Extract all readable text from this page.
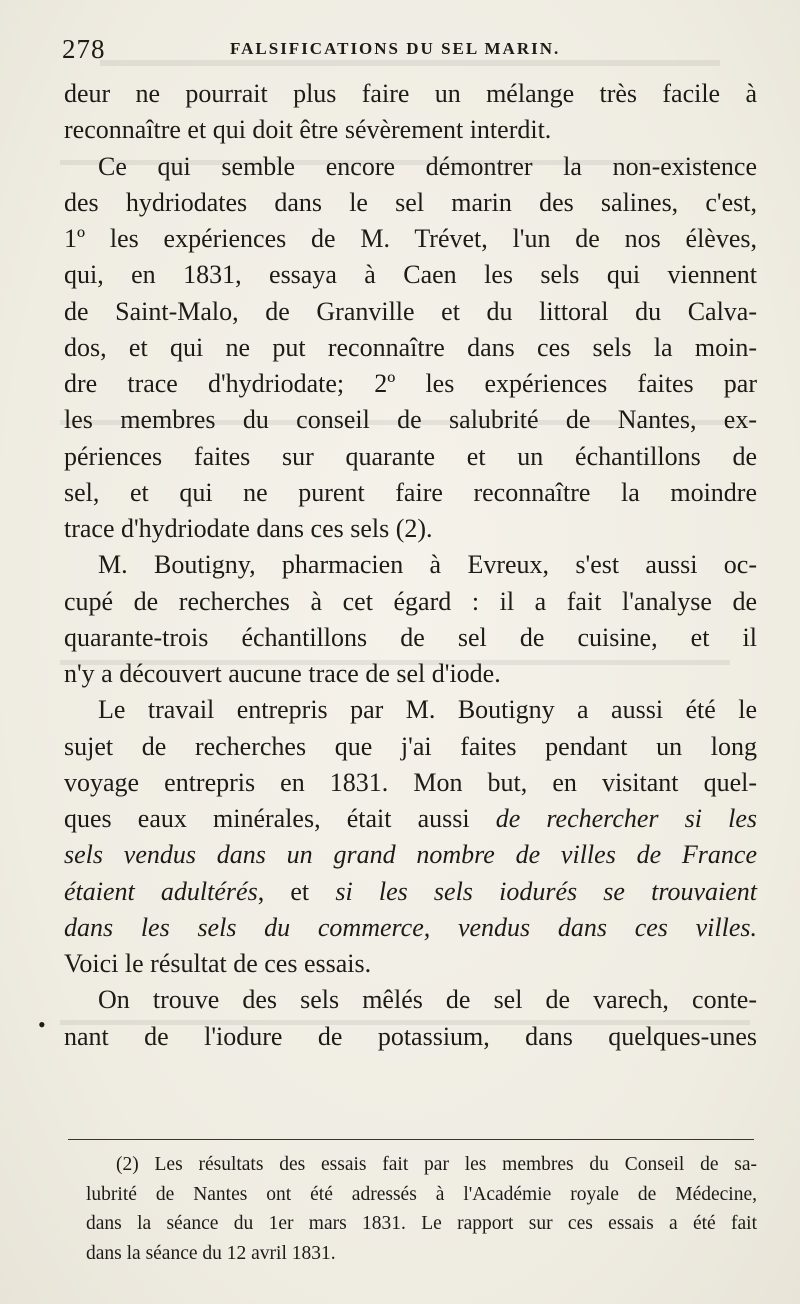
278	FALSIFICATIONS DU SEL MARIN.
deur ne pourrait plus faire un mélange très facile à
reconnaître et qui doit être sévèrement interdit.
Ce qui semble encore démontrer la non-existence
des hydriodates dans le sel marin des salines, c'est,
1º les expériences de M. Trévet, l'un de nos élèves,
qui, en 1831, essaya à Caen les sels qui viennent
de Saint-Malo, de Granville et du littoral du Calva-
dos, et qui ne put reconnaître dans ces sels la moin-
dre trace d'hydriodate; 2º les expériences faites par
les membres du conseil de salubrité de Nantes, ex-
périences faites sur quarante et un échantillons de
sel, et qui ne purent faire reconnaître la moindre
trace d'hydriodate dans ces sels (2).
M. Boutigny, pharmacien à Evreux, s'est aussi oc-
cupé de recherches à cet égard : il a fait l'analyse de
quarante-trois échantillons de sel de cuisine, et il
n'y a découvert aucune trace de sel d'iode.
Le travail entrepris par M. Boutigny a aussi été le
sujet de recherches que j'ai faites pendant un long
voyage entrepris en 1831. Mon but, en visitant quel-
ques eaux minérales, était aussi de rechercher si les
sels vendus dans un grand nombre de villes de France
étaient adultérés, et si les sels iodurés se trouvaient
dans les sels du commerce, vendus dans ces villes.
Voici le résultat de ces essais.
On trouve des sels mêlés de sel de varech, conte-
nant de l'iodure de potassium, dans quelques-unes
•
(2) Les résultats des essais fait par les membres du Conseil de sa-
lubrité de Nantes ont été adressés à l'Académie royale de Médecine,
dans la séance du 1er mars 1831. Le rapport sur ces essais a été fait
dans la séance du 12 avril 1831.
